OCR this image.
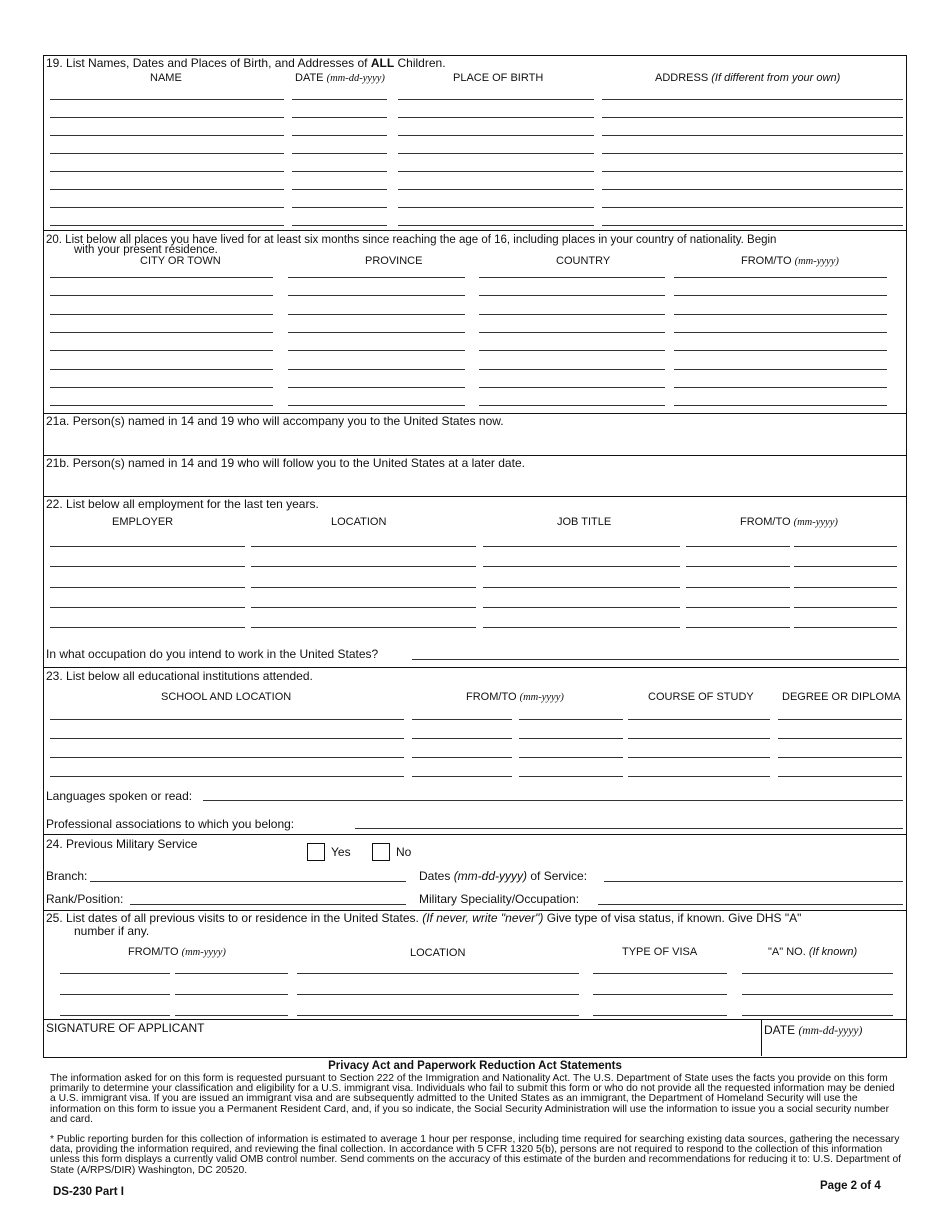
19. List Names, Dates and Places of Birth, and Addresses of ALL Children.
NAME	DATE (mm-dd-yyyy)	PLACE OF BIRTH	ADDRESS (If different from your own)
20. List below all places you have lived for at least six months since reaching the age of 16, including places in your country of nationality. Begin
with your present residence.
CITY OR TOWN	PROVINCE	COUNTRY	FROM/TO (mm-yyyy)
21a. Person(s) named in 14 and 19 who will accompany you to the United States now.
21b. Person(s) named in 14 and 19 who will follow you to the United States at a later date.
22. List below all employment for the last ten years.
EMPLOYER	LOCATION	JOB TITLE	FROM/TO (mm-yyyy)
In what occupation do you intend to work in the United States?
23. List below all educational institutions attended.
SCHOOL AND LOCATION	FROM/TO (mm-yyyy)	COURSE OF STUDY	DEGREE OR DIPLOMA
Languages spoken or read:
Professional associations to which you belong:
24. Previous Military Service
Yes	No
Branch:	Dates (mm-dd-yyyy) of Service:
Rank/Position:	Military Speciality/Occupation:
25. List dates of all previous visits to or residence in the United States. (If never, write "never") Give type of visa status, if known. Give DHS "A"
number if any.
FROM/TO (mm-yyyy)	LOCATION	TYPE OF VISA	"A" NO. (If known)
SIGNATURE OF APPLICANT	DATE (mm-dd-yyyy)
Privacy Act and Paperwork Reduction Act Statements

The information asked for on this form is requested pursuant to Section 222 of the Immigration and Nationality Act. The U.S. Department of State uses the facts you provide on this form primarily to determine your classification and eligibility for a U.S. immigrant visa. Individuals who fail to submit this form or who do not provide all the requested information may be denied a U.S. immigrant visa. If you are issued an immigrant visa and are subsequently admitted to the United States as an immigrant, the Department of Homeland Security will use the information on this form to issue you a Permanent Resident Card, and, if you so indicate, the Social Security Administration will use the information to issue you a social security number and card.

* Public reporting burden for this collection of information is estimated to average 1 hour per response, including time required for searching existing data sources, gathering the necessary data, providing the information required, and reviewing the final collection. In accordance with 5 CFR 1320 5(b), persons are not required to respond to the collection of this information unless this form displays a currently valid OMB control number. Send comments on the accuracy of this estimate of the burden and recommendations for reducing it to: U.S. Department of State (A/RPS/DIR) Washington, DC 20520.

DS-230 Part I	Page 2 of 4
